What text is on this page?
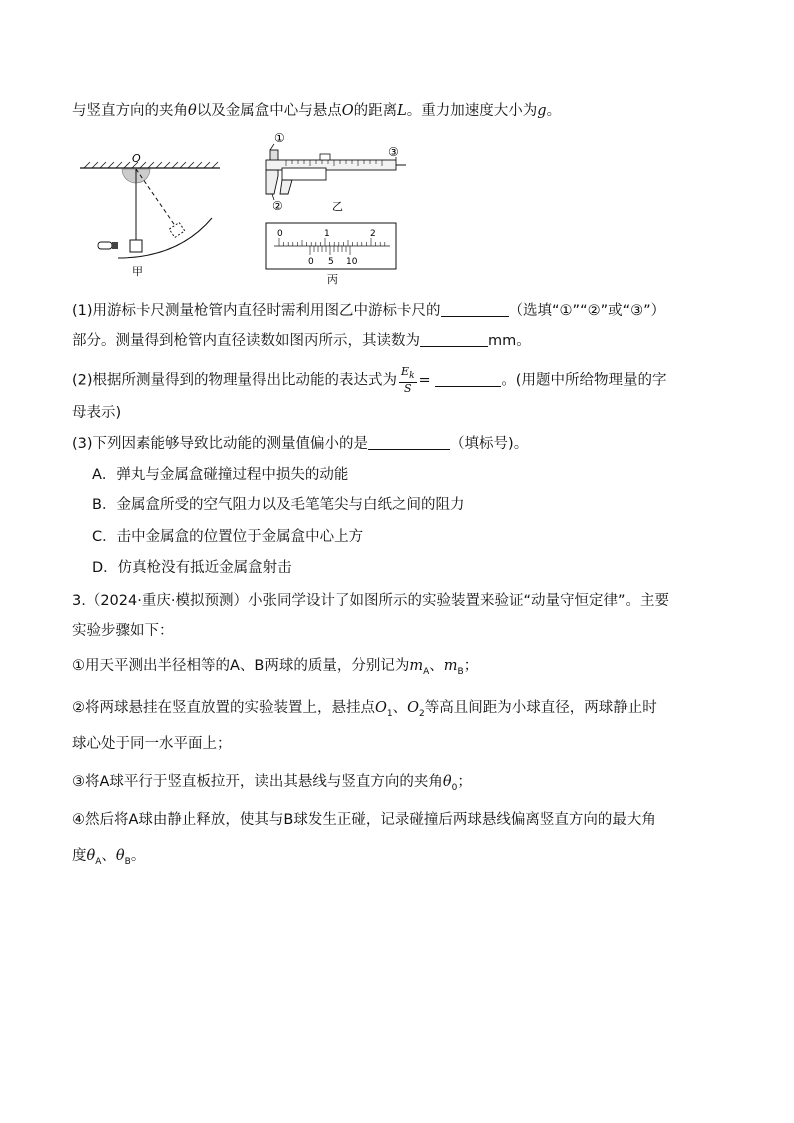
与竖直方向的夹角θ以及金属盒中心与悬点O的距离L。重力加速度大小为g。
O
甲
①
③
②	乙
0	1	2
0 5 10
丙
(1)用游标卡尺测量枪管内直径时需利用图乙中游标卡尺的	（选填“①”“②”或“③”）
部分。测量得到枪管内直径读数如图丙所示，其读数为	mm。
(2)根据所测量得到的物理量得出比动能的表达式为 $\frac{E_k}{S}$ =	。(用题中所给物理量的字
母表示)
(3)下列因素能够导致比动能的测量值偏小的是	（填标号)。
A．弹丸与金属盒碰撞过程中损失的动能
B．金属盒所受的空气阻力以及毛笔笔尖与白纸之间的阻力
C．击中金属盒的位置位于金属盒中心上方
D．仿真枪没有抵近金属盒射击
3.（2024·重庆·模拟预测）小张同学设计了如图所示的实验装置来验证“动量守恒定律”。主要
实验步骤如下：
①用天平测出半径相等的A、B两球的质量，分别记为$m_A$、$m_B$；
②将两球悬挂在竖直放置的实验装置上，悬挂点$O_1$、$O_2$等高且间距为小球直径，两球静止时
球心处于同一水平面上；
③将A球平行于竖直板拉开，读出其悬线与竖直方向的夹角$\theta_0$；
④然后将A球由静止释放，使其与B球发生正碰，记录碰撞后两球悬线偏离竖直方向的最大角
度$\theta_A$、$\theta_B$。
